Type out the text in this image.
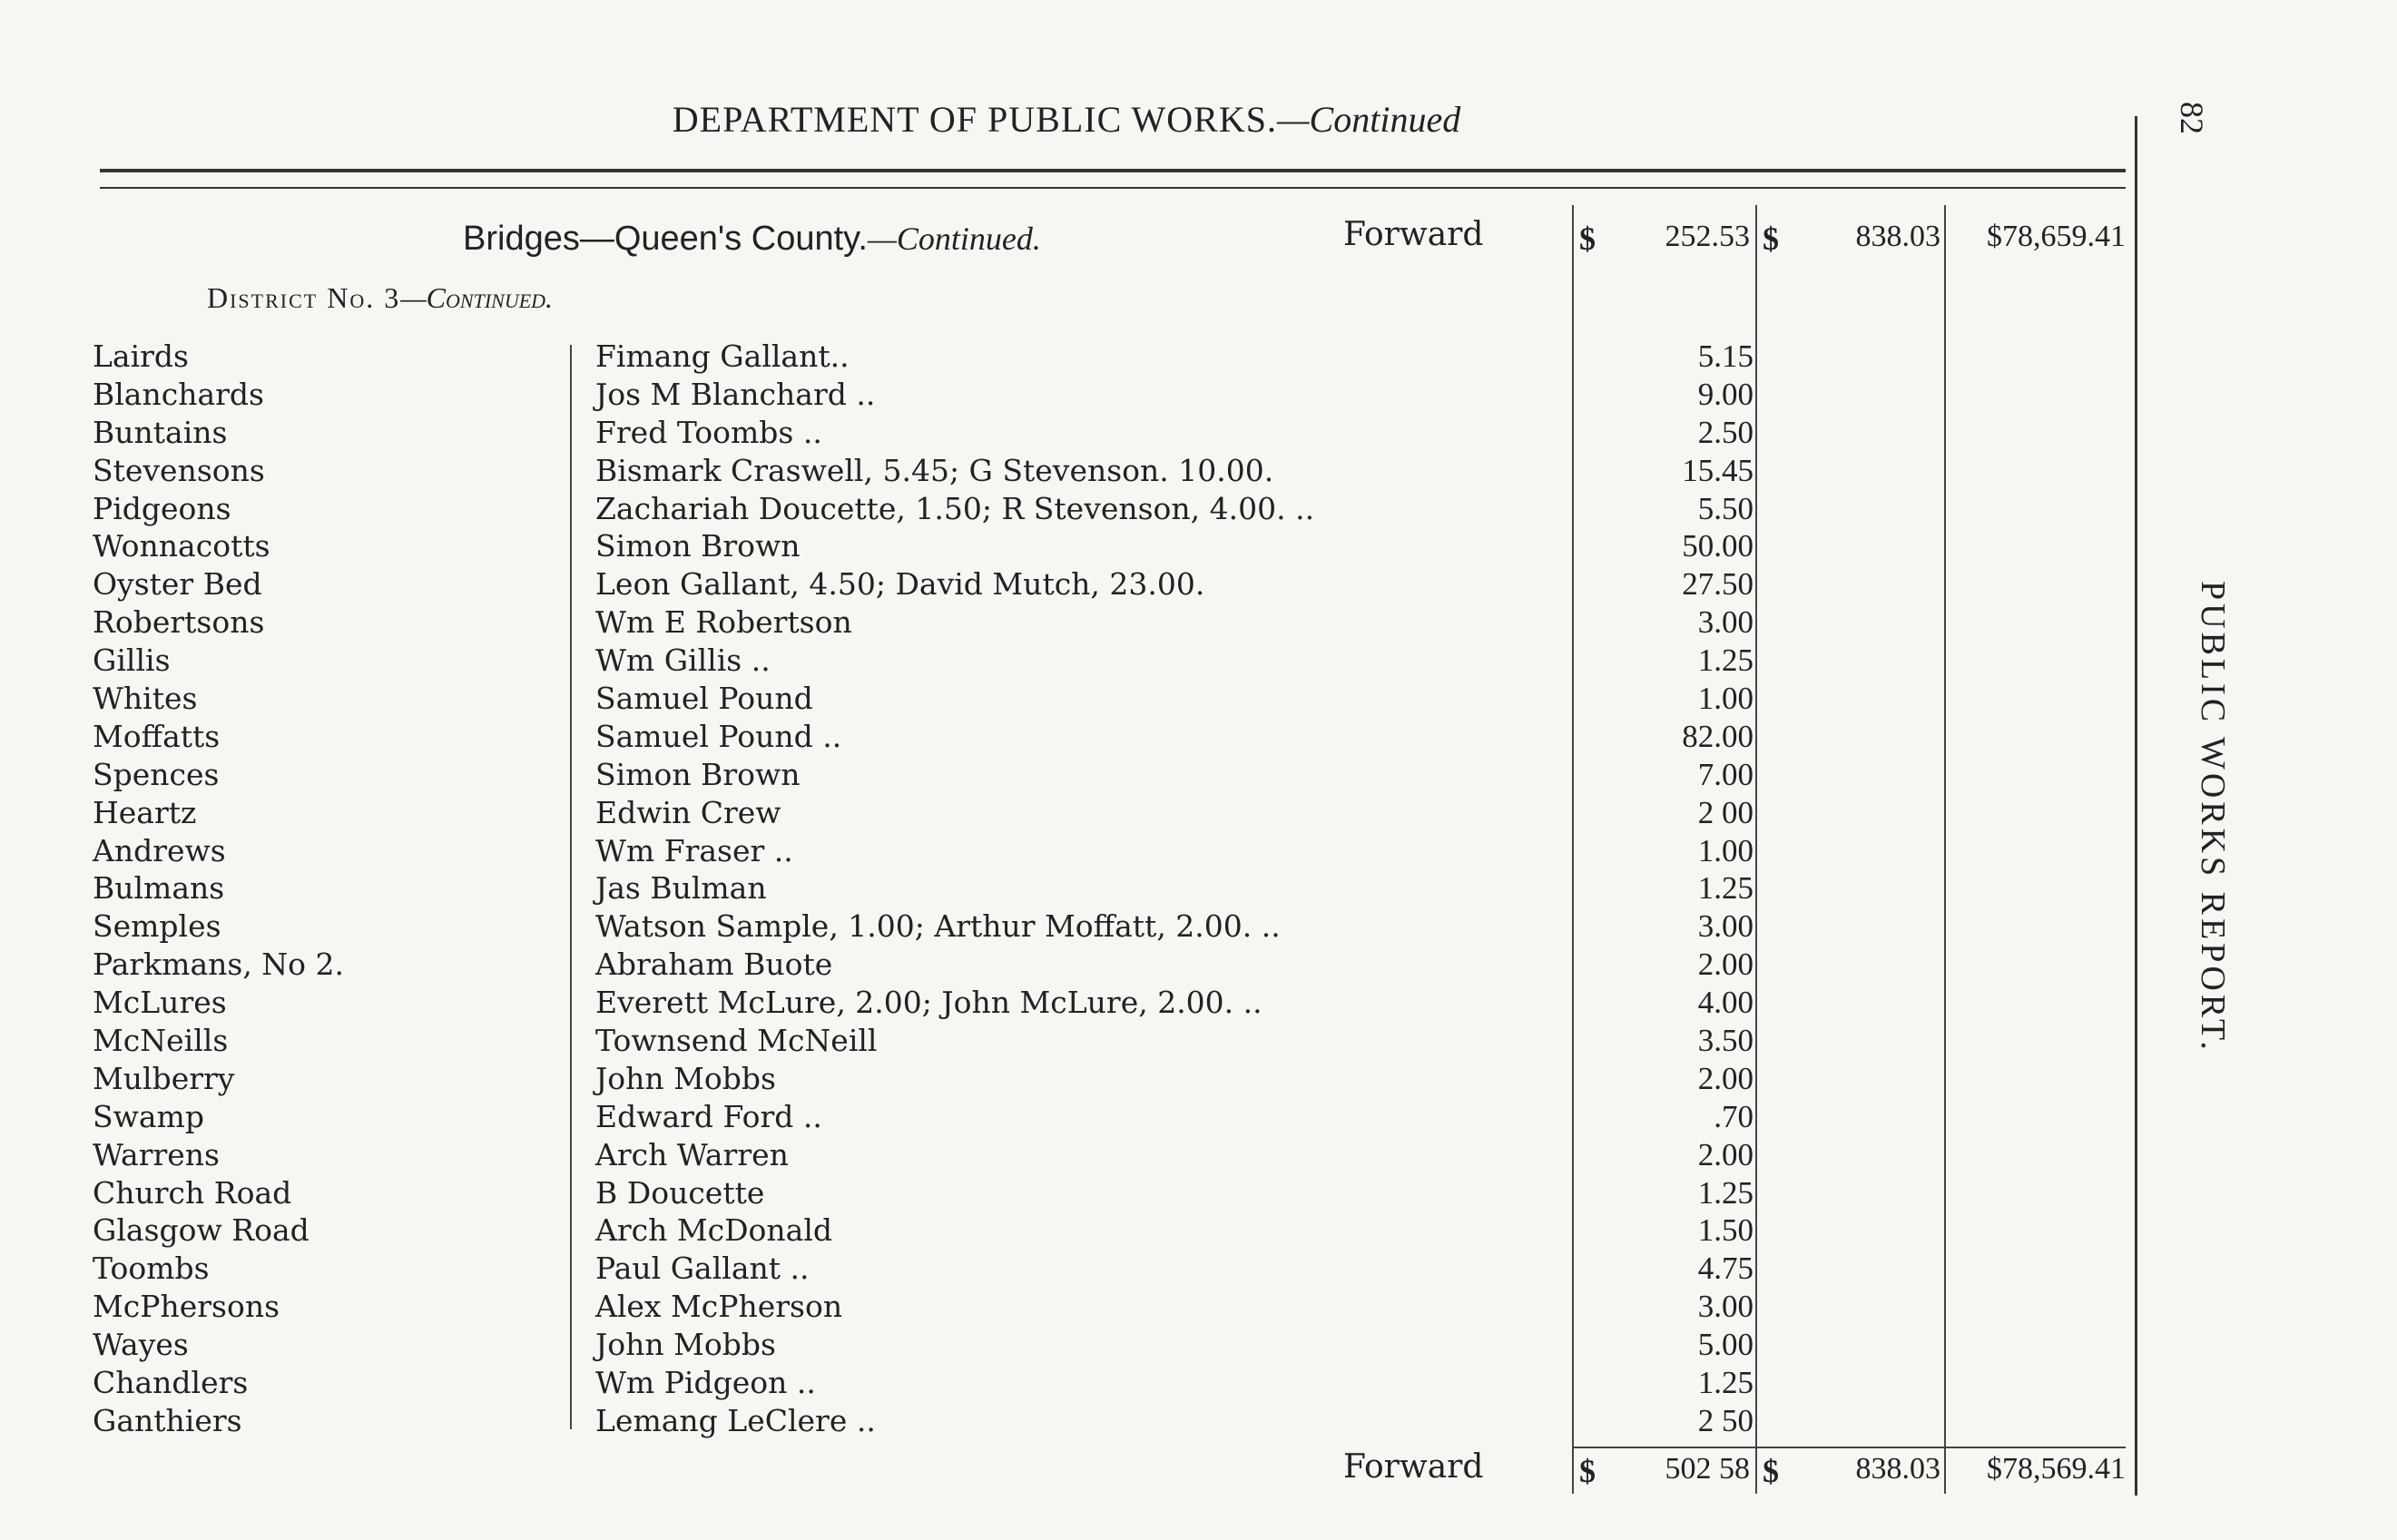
82
DEPARTMENT OF PUBLIC WORKS.—Continued
Bridges—Queen's County.—Continued.	Forward	$	252.53 $	838.03	$78,659.41
District No. 3—Continued.
Lairds	Fimang Gallant..	5.15
Blanchards	Jos M Blanchard ..	9.00
Buntains	Fred Toombs ..	2.50
Stevensons	Bismark Craswell, 5.45; G Stevenson. 10.00.	15.45
Pidgeons	Zachariah Doucette, 1.50; R Stevenson, 4.00. ..	5.50
Wonnacotts	Simon Brown	50.00
Oyster Bed	Leon Gallant, 4.50; David Mutch, 23.00.	27.50
Robertsons	Wm E Robertson	3.00
Gillis	Wm Gillis ..	1.25
Whites	Samuel Pound	1.00
Moffatts	Samuel Pound ..	82.00
Spences	Simon Brown	7.00
Heartz	Edwin Crew	2 00
Andrews	Wm Fraser ..	1.00
Bulmans	Jas Bulman	1.25
Semples	Watson Sample, 1.00; Arthur Moffatt, 2.00. ..	3.00
Parkmans, No 2.	Abraham Buote	2.00
McLures	Everett McLure, 2.00; John McLure, 2.00. ..	4.00
McNeills	Townsend McNeill	3.50
Mulberry	John Mobbs	2.00
Swamp	Edward Ford ..	.70
Warrens	Arch Warren	2.00
Church Road	B Doucette	1.25
Glasgow Road	Arch McDonald	1.50
Toombs	Paul Gallant ..	4.75
McPhersons	Alex McPherson	3.00
Wayes	John Mobbs	5.00
Chandlers	Wm Pidgeon ..	1.25
Ganthiers	Lemang LeClere ..	2 50
Forward	$	502 58 $	838.03	$78,569.41
PUBLIC WORKS REPORT.
